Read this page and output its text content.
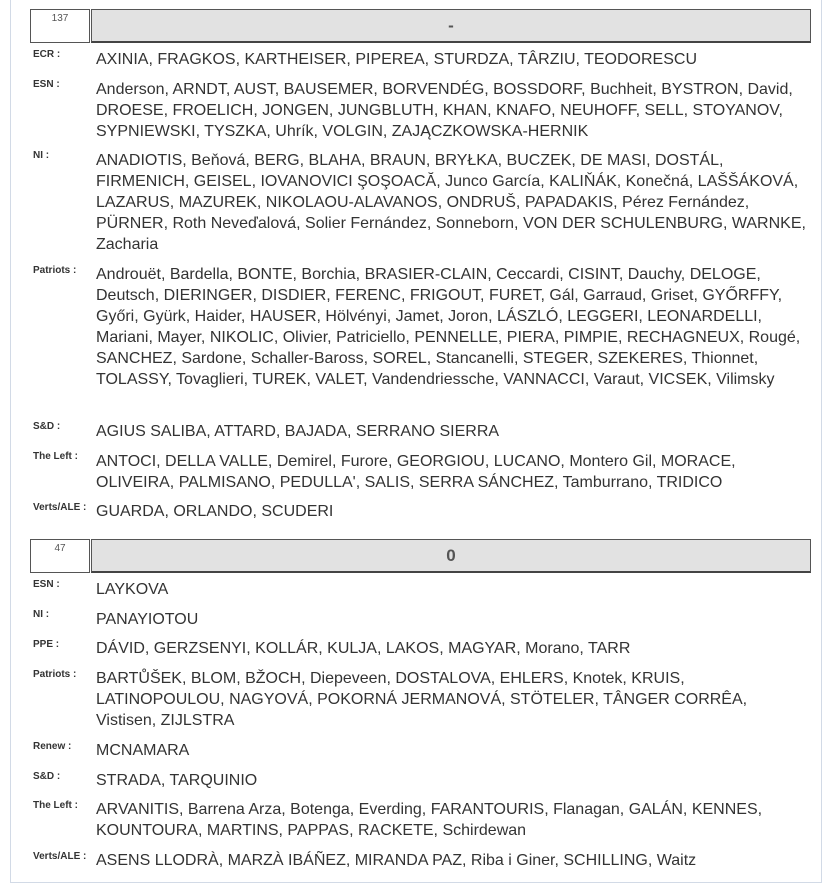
137	-
ECR : AXINIA, FRAGKOS, KARTHEISER, PIPEREA, STURDZA, TÂRZIU, TEODORESCU
ESN : Anderson, ARNDT, AUST, BAUSEMER, BORVENDÉG, BOSSDORF, Buchheit, BYSTRON, David, DROESE, FROELICH, JONGEN, JUNGBLUTH, KHAN, KNAFO, NEUHOFF, SELL, STOYANOV, SYPNIEWSKI, TYSZKA, Uhrík, VOLGIN, ZAJĄCZKOWSKA-HERNIK
NI :	ANADIOTIS, Beňová, BERG, BLAHA, BRAUN, BRYŁKA, BUCZEK, DE MASI, DOSTÁL, FIRMENICH, GEISEL, IOVANOVICI ŞOŞOACĂ, Junco García, KALIŇÁK, Konečná, LAŠŠÁKOVÁ, LAZARUS, MAZUREK, NIKOLAOU-ALAVANOS, ONDRUŠ, PAPADAKIS, Pérez Fernández, PÜRNER, Roth Neveďalová, Solier Fernández, Sonneborn, VON DER SCHULENBURG, WARNKE, Zacharia
Patriots : Androuët, Bardella, BONTE, Borchia, BRASIER-CLAIN, Ceccardi, CISINT, Dauchy, DELOGE, Deutsch, DIERINGER, DISDIER, FERENC, FRIGOUT, FURET, Gál, Garraud, Griset, GYŐRFFY, Győri, Gyürk, Haider, HAUSER, Hölvényi, Jamet, Joron, LÁSZLÓ, LEGGERI, LEONARDELLI, Mariani, Mayer, NIKOLIC, Olivier, Patriciello, PENNELLE, PIERA, PIMPIE, RECHAGNEUX, Rougé, SANCHEZ, Sardone, Schaller-Baross, SOREL, Stancanelli, STEGER, SZEKERES, Thionnet, TOLASSY, Tovaglieri, TUREK, VALET, Vandendriessche, VANNACCI, Varaut, VICSEK, Vilimsky
S&D : AGIUS SALIBA, ATTARD, BAJADA, SERRANO SIERRA
The Left : ANTOCI, DELLA VALLE, Demirel, Furore, GEORGIOU, LUCANO, Montero Gil, MORACE, OLIVEIRA, PALMISANO, PEDULLA', SALIS, SERRA SÁNCHEZ, Tamburrano, TRIDICO
Verts/ALE : GUARDA, ORLANDO, SCUDERI
47	0
ESN : LAYKOVA
NI :	PANAYIOTOU
PPE : DÁVID, GERZSENYI, KOLLÁR, KULJA, LAKOS, MAGYAR, Morano, TARR
Patriots : BARTŮŠEK, BLOM, BŽOCH, Diepeveen, DOSTALOVA, EHLERS, Knotek, KRUIS, LATINOPOULOU, NAGYOVÁ, POKORNÁ JERMANOVÁ, STÖTELER, TÂNGER CORRÊA, Vistisen, ZIJLSTRA
Renew : MCNAMARA
S&D : STRADA, TARQUINIO
The Left : ARVANITIS, Barrena Arza, Botenga, Everding, FARANTOURIS, Flanagan, GALÁN, KENNES, KOUNTOURA, MARTINS, PAPPAS, RACKETE, Schirdewan
Verts/ALE : ASENS LLODRÀ, MARZÀ IBÁÑEZ, MIRANDA PAZ, Riba i Giner, SCHILLING, Waitz
